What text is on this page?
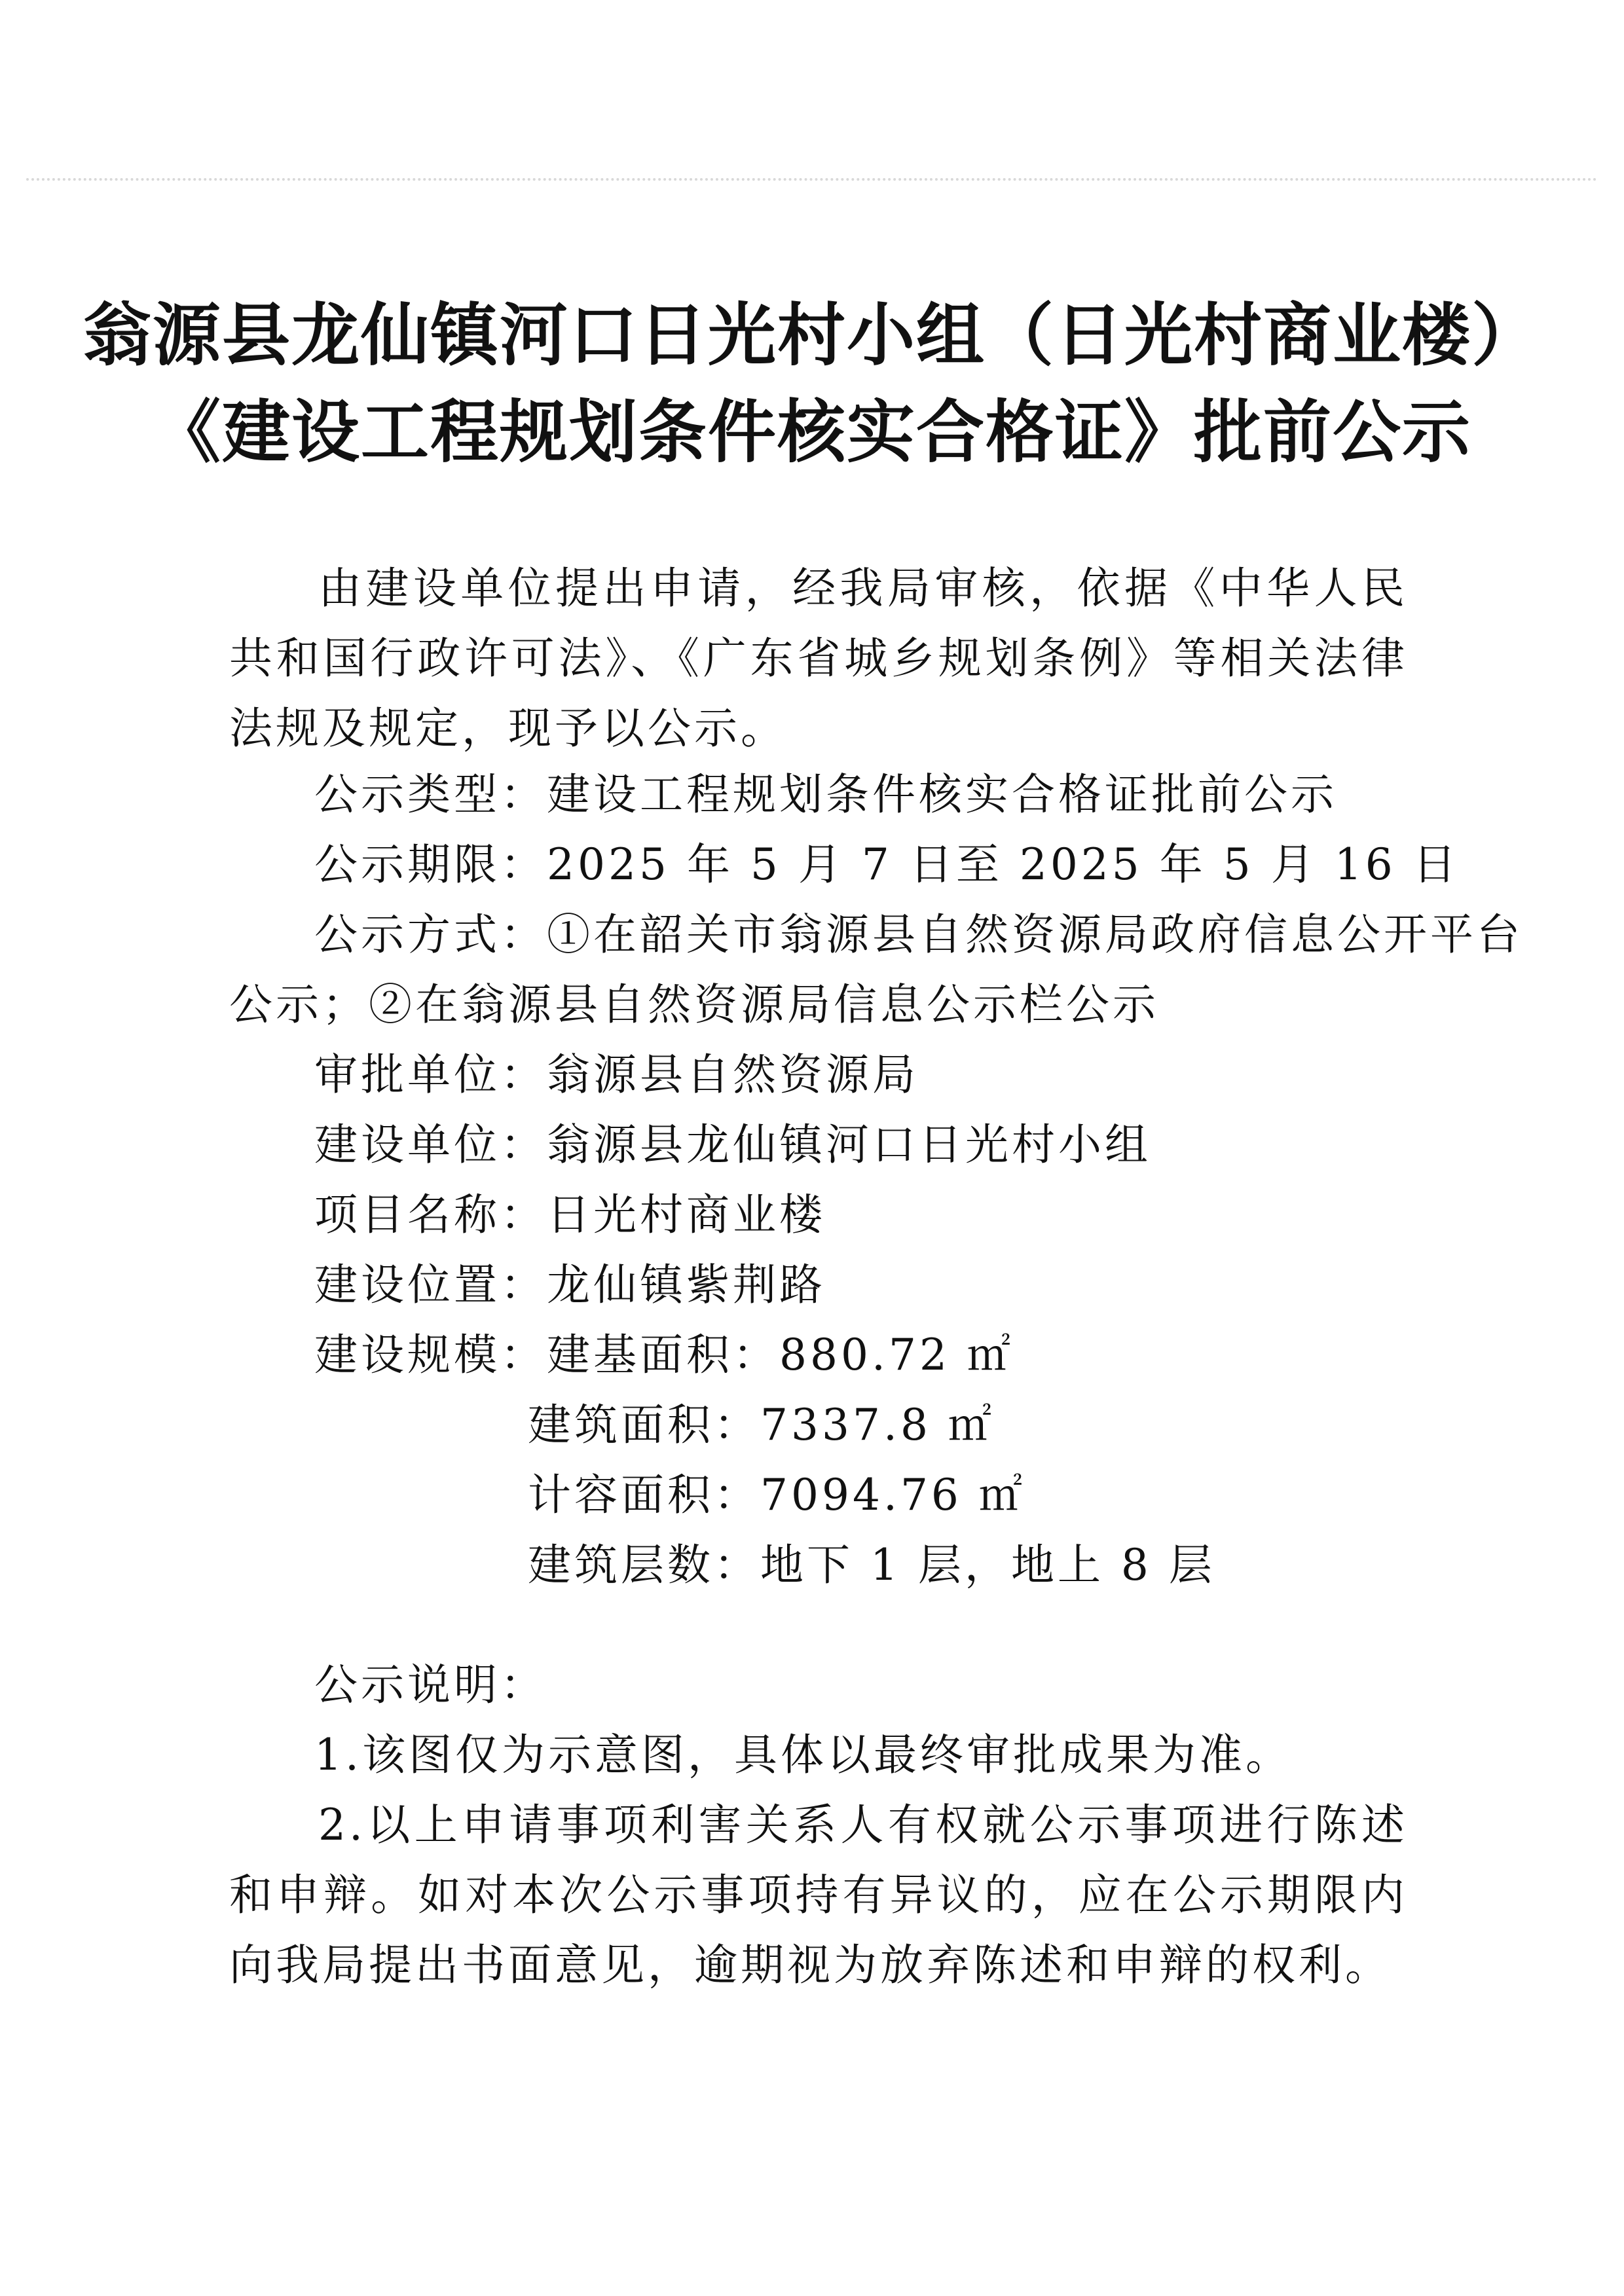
翁源县龙仙镇河口日光村小组（日光村商业楼）
《建设工程规划条件核实合格证》批前公示
由建设单位提出申请，经我局审核，依据《中华人民共和国行政许可法》、《广东省城乡规划条例》等相关法律法规及规定，现予以公示。
公示类型：建设工程规划条件核实合格证批前公示
公示期限：2025 年 5 月 7 日至 2025 年 5 月 16 日
公示方式：①在韶关市翁源县自然资源局政府信息公开平台
公示；②在翁源县自然资源局信息公示栏公示
审批单位：翁源县自然资源局
建设单位：翁源县龙仙镇河口日光村小组
项目名称：日光村商业楼
建设位置：龙仙镇紫荆路
建设规模：建基面积：880.72 ㎡
建筑面积：7337.8 ㎡
计容面积：7094.76 ㎡
建筑层数：地下 1 层，地上 8 层
公示说明：
1.该图仅为示意图，具体以最终审批成果为准。
2.以上申请事项利害关系人有权就公示事项进行陈述和申辩。如对本次公示事项持有异议的，应在公示期限内向我局提出书面意见，逾期视为放弃陈述和申辩的权利。
